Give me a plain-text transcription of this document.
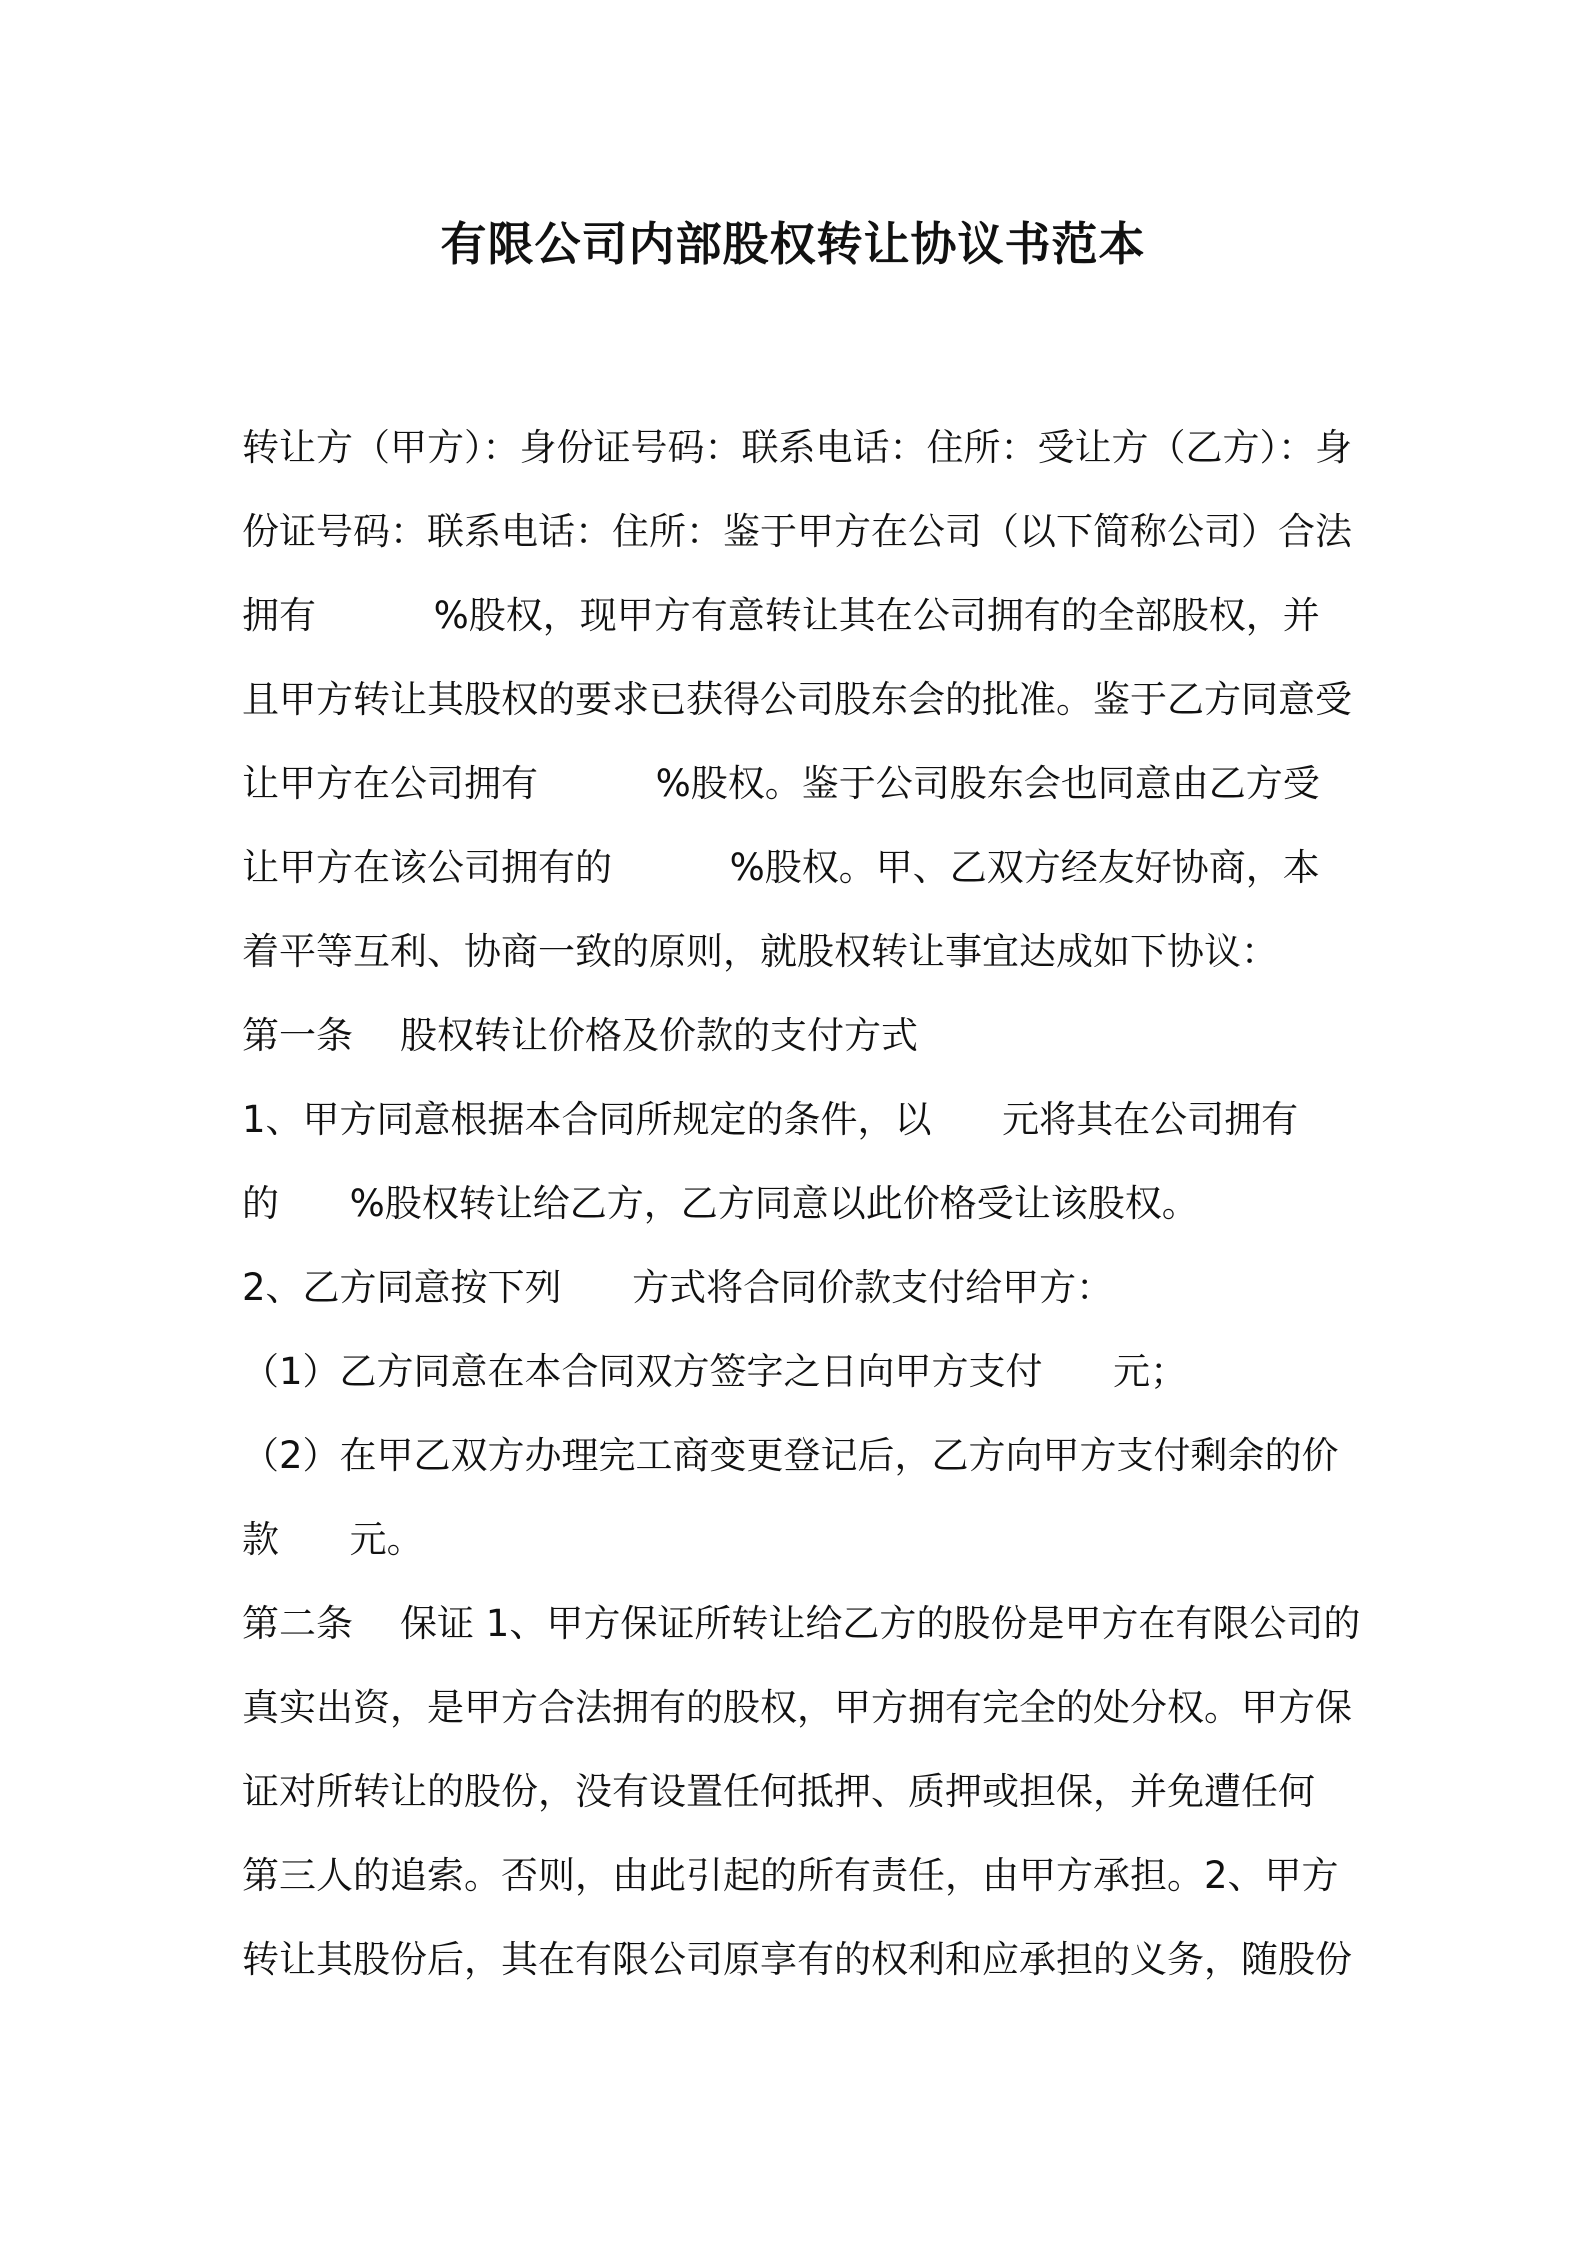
有限公司内部股权转让协议书范本
转让方（甲方）：身份证号码：联系电话：住所：受让方（乙方）：身
份证号码：联系电话：住所：鉴于甲方在公司（以下简称公司）合法
拥有          %股权，现甲方有意转让其在公司拥有的全部股权，并
且甲方转让其股权的要求已获得公司股东会的批准。鉴于乙方同意受
让甲方在公司拥有          %股权。鉴于公司股东会也同意由乙方受
让甲方在该公司拥有的          %股权。甲、乙双方经友好协商，本
着平等互利、协商一致的原则，就股权转让事宜达成如下协议：
第一条    股权转让价格及价款的支付方式
1、甲方同意根据本合同所规定的条件，以      元将其在公司拥有
的      %股权转让给乙方，乙方同意以此价格受让该股权。
2、乙方同意按下列      方式将合同价款支付给甲方：
（1）乙方同意在本合同双方签字之日向甲方支付      元；
（2）在甲乙双方办理完工商变更登记后，乙方向甲方支付剩余的价
款      元。
第二条    保证 1、甲方保证所转让给乙方的股份是甲方在有限公司的
真实出资，是甲方合法拥有的股权，甲方拥有完全的处分权。甲方保
证对所转让的股份，没有设置任何抵押、质押或担保，并免遭任何
第三人的追索。否则，由此引起的所有责任，由甲方承担。2、甲方
转让其股份后，其在有限公司原享有的权利和应承担的义务，随股份
